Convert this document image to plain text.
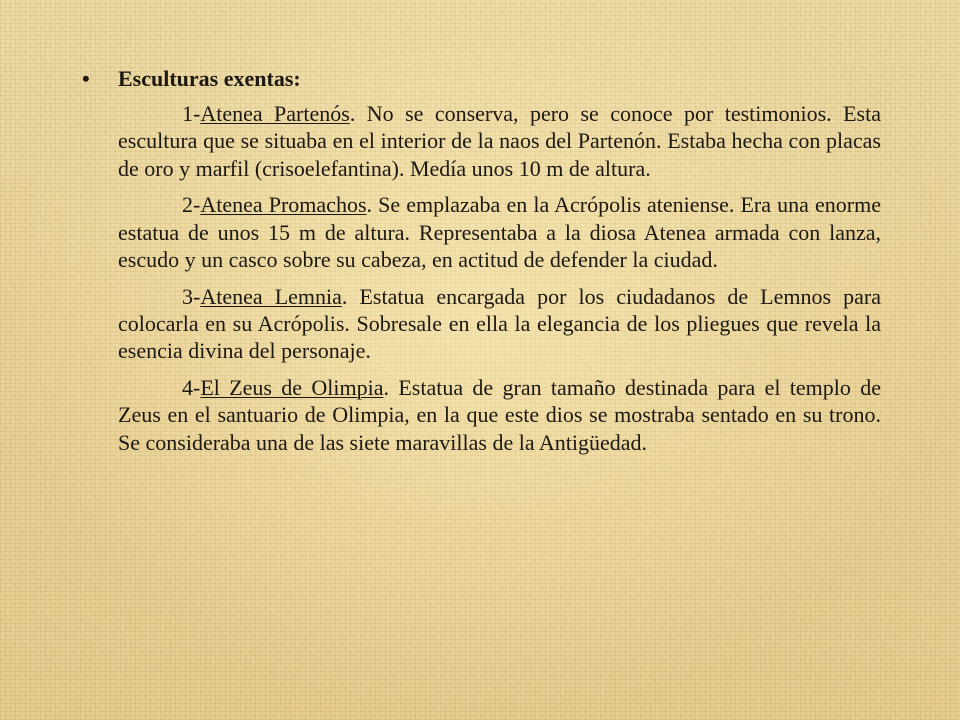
•	Esculturas exentas:

1-Atenea Partenós. No se conserva, pero se conoce por testimonios. Esta escultura que se situaba en el interior de la naos del Partenón. Estaba hecha con placas de oro y marfil (crisoelefantina). Medía unos 10 m de altura.

2-Atenea Promachos. Se emplazaba en la Acrópolis ateniense. Era una enorme estatua de unos 15 m de altura. Representaba a la diosa Atenea armada con lanza, escudo y un casco sobre su cabeza, en actitud de defender la ciudad.

3-Atenea Lemnia. Estatua encargada por los ciudadanos de Lemnos para colocarla en su Acrópolis. Sobresale en ella la elegancia de los pliegues que revela la esencia divina del personaje.

4-El Zeus de Olimpia. Estatua de gran tamaño destinada para el templo de Zeus en el santuario de Olimpia, en la que este dios se mostraba sentado en su trono. Se consideraba una de las siete maravillas de la Antigüedad.
